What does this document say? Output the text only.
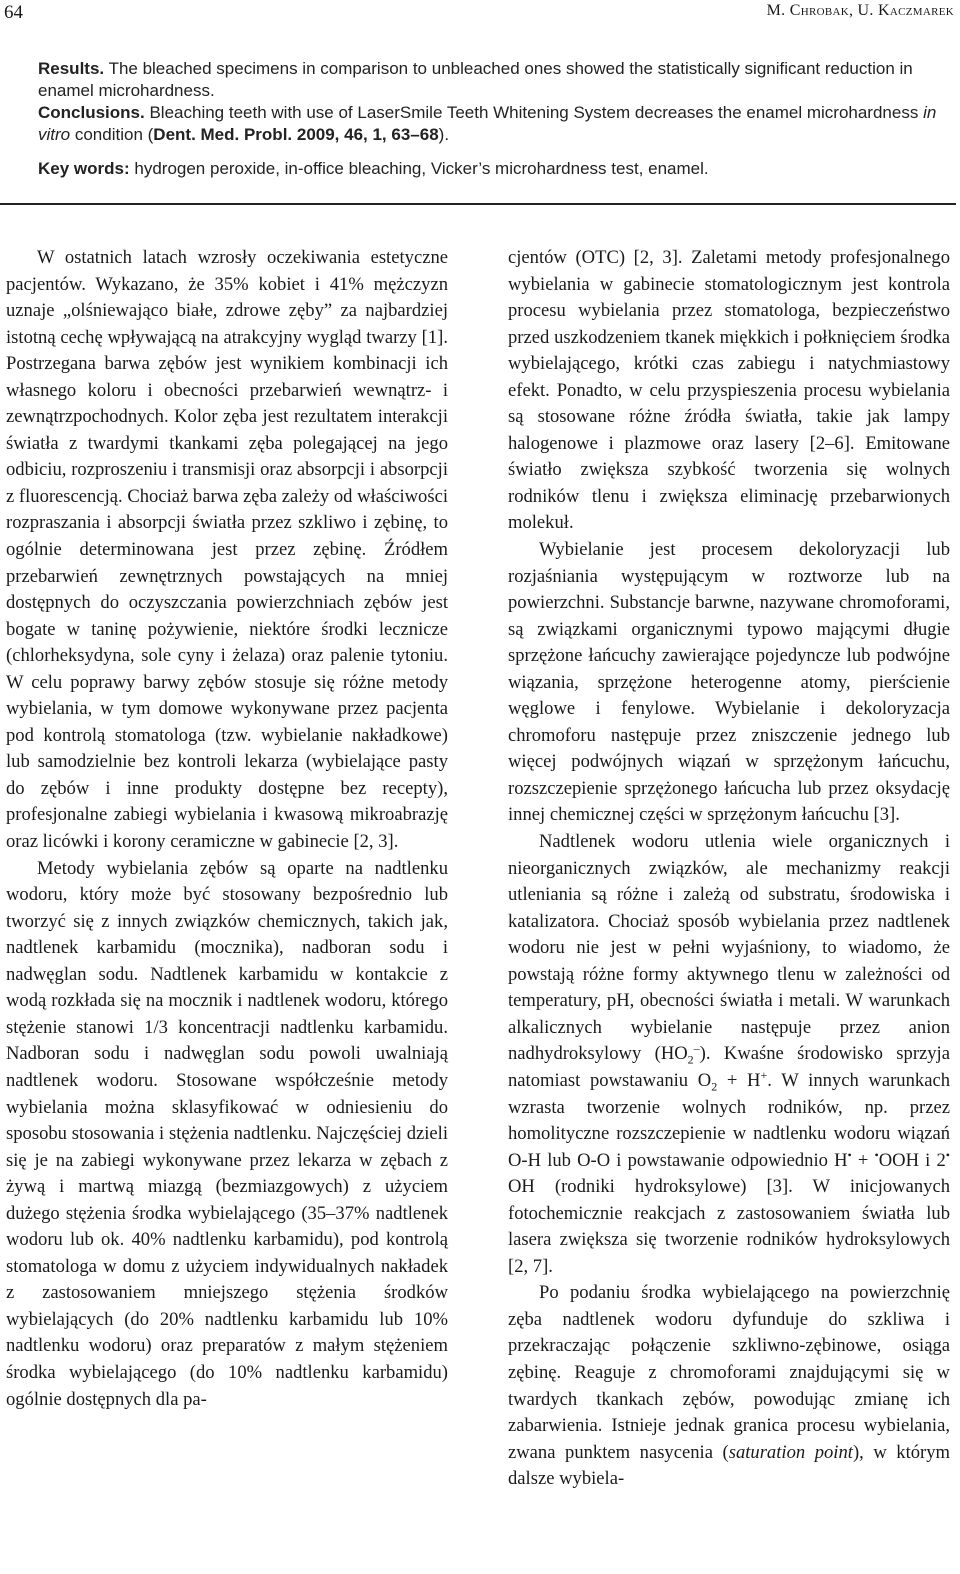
64	M. Chrobak, U. Kaczmarek

Results. The bleached specimens in comparison to unbleached ones showed the statistically significant reduction in enamel microhardness.

Conclusions. Bleaching teeth with use of LaserSmile Teeth Whitening System decreases the enamel microhardness in vitro condition (Dent. Med. Probl. 2009, 46, 1, 63–68).

Key words: hydrogen peroxide, in-office bleaching, Vicker’s microhardness test, enamel.

W ostatnich latach wzrosły oczekiwania estetyczne pacjentów. Wykazano, że 35% kobiet i 41% mężczyzn uznaje „olśniewająco białe, zdrowe zęby” za najbardziej istotną cechę wpływającą na atrakcyjny wygląd twarzy [1]. Postrzegana barwa zębów jest wynikiem kombinacji ich własnego koloru i obecności przebarwień wewnątrz- i zewnątrzpochodnych. Kolor zęba jest rezultatem interakcji światła z twardymi tkankami zęba polegającej na jego odbiciu, rozproszeniu i transmisji oraz absorpcji i absorpcji z fluorescencją. Chociaż barwa zęba zależy od właściwości rozpraszania i absorpcji światła przez szkliwo i zębinę, to ogólnie determinowana jest przez zębinę. Źródłem przebarwień zewnętrznych powstających na mniej dostępnych do oczyszczania powierzchniach zębów jest bogate w taninę pożywienie, niektóre środki lecznicze (chlorheksydyna, sole cyny i żelaza) oraz palenie tytoniu. W celu poprawy barwy zębów stosuje się różne metody wybielania, w tym domowe wykonywane przez pacjenta pod kontrolą stomatologa (tzw. wybielanie nakładkowe) lub samodzielnie bez kontroli lekarza (wybielające pasty do zębów i inne produkty dostępne bez recepty), profesjonalne zabiegi wybielania i kwasową mikroabrazję oraz licówki i korony ceramiczne w gabinecie [2, 3].

Metody wybielania zębów są oparte na nadtlenku wodoru, który może być stosowany bezpośrednio lub tworzyć się z innych związków chemicznych, takich jak, nadtlenek karbamidu (mocznika), nadboran sodu i nadwęglan sodu. Nadtlenek karbamidu w kontakcie z wodą rozkłada się na mocznik i nadtlenek wodoru, którego stężenie stanowi 1/3 koncentracji nadtlenku karbamidu. Nadboran sodu i nadwęglan sodu powoli uwalniają nadtlenek wodoru. Stosowane współcześnie metody wybielania można sklasyfikować w odniesieniu do sposobu stosowania i stężenia nadtlenku. Najczęściej dzieli się je na zabiegi wykonywane przez lekarza w zębach z żywą i martwą miazgą (bezmiazgowych) z użyciem dużego stężenia środka wybielającego (35–37% nadtlenek wodoru lub ok. 40% nadtlenku karbamidu), pod kontrolą stomatologa w domu z użyciem indywidualnych nakładek z zastosowaniem mniejszego stężenia środków wybielających (do 20% nadtlenku karbamidu lub 10% nadtlenku wodoru) oraz preparatów z małym stężeniem środka wybielającego (do 10% nadtlenku karbamidu) ogólnie dostępnych dla pa-

cjentów (OTC) [2, 3]. Zaletami metody profesjonalnego wybielania w gabinecie stomatologicznym jest kontrola procesu wybielania przez stomatologa, bezpieczeństwo przed uszkodzeniem tkanek miękkich i połknięciem środka wybielającego, krótki czas zabiegu i natychmiastowy efekt. Ponadto, w celu przyspieszenia procesu wybielania są stosowane różne źródła światła, takie jak lampy halogenowe i plazmowe oraz lasery [2–6]. Emitowane światło zwiększa szybkość tworzenia się wolnych rodników tlenu i zwiększa eliminację przebarwionych molekuł.

Wybielanie jest procesem dekoloryzacji lub rozjaśniania występującym w roztworze lub na powierzchni. Substancje barwne, nazywane chromoforami, są związkami organicznymi typowo mającymi długie sprzężone łańcuchy zawierające pojedyncze lub podwójne wiązania, sprzężone heterogenne atomy, pierścienie węglowe i fenylowe. Wybielanie i dekoloryzacja chromoforu następuje przez zniszczenie jednego lub więcej podwójnych wiązań w sprzężonym łańcuchu, rozszczepienie sprzężonego łańcucha lub przez oksydację innej chemicznej części w sprzężonym łańcuchu [3].

Nadtlenek wodoru utlenia wiele organicznych i nieorganicznych związków, ale mechanizmy reakcji utleniania są różne i zależą od substratu, środowiska i katalizatora. Chociaż sposób wybielania przez nadtlenek wodoru nie jest w pełni wyjaśniony, to wiadomo, że powstają różne formy aktywnego tlenu w zależności od temperatury, pH, obecności światła i metali. W warunkach alkalicznych wybielanie następuje przez anion nadhydroksylowy $(HO_2^-)$. Kwaśne środowisko sprzyja natomiast powstawaniu $O_2 + H^+$. W innych warunkach wzrasta tworzenie wolnych rodników, np. przez homolityczne rozszczepienie w nadtlenku wodoru wiązań O-H lub O-O i powstawanie odpowiednio H• + •OOH i 2• OH (rodniki hydroksylowe) [3]. W inicjowanych fotochemicznie reakcjach z zastosowaniem światła lub lasera zwiększa się tworzenie rodników hydroksylowych [2, 7].

Po podaniu środka wybielającego na powierzchnię zęba nadtlenek wodoru dyfunduje do szkliwa i przekraczając połączenie szkliwno-zębinowe, osiąga zębinę. Reaguje z chromoforami znajdującymi się w twardych tkankach zębów, powodując zmianę ich zabarwienia. Istnieje jednak granica procesu wybielania, zwana punktem nasycenia (saturation point), w którym dalsze wybiela-
